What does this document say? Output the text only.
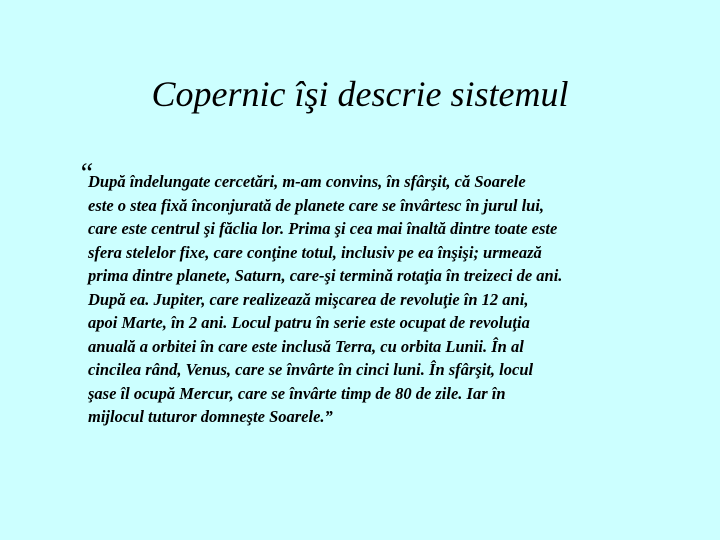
Copernic îşi descrie sistemul
“
După îndelungate cercetări, m-am convins, în sfârşit, că Soarele
este o stea fixă înconjurată de planete care se învârtesc în jurul lui,
care este centrul şi făclia lor. Prima şi cea mai înaltă dintre toate este
sfera stelelor fixe, care conţine totul, inclusiv pe ea înşişi; urmează
prima dintre planete, Saturn, care-şi termină rotaţia în treizeci de ani.
După ea. Jupiter, care realizează mişcarea de revoluţie în 12 ani,
apoi Marte, în 2 ani. Locul patru în serie este ocupat de revoluţia
anuală a orbitei în care este inclusă Terra, cu orbita Lunii. În al
cincilea rând, Venus, care se învârte în cinci luni. În sfârşit, locul
şase îl ocupă Mercur, care se învârte timp de 80 de zile. Iar în
mijlocul tuturor domneşte Soarele.”
